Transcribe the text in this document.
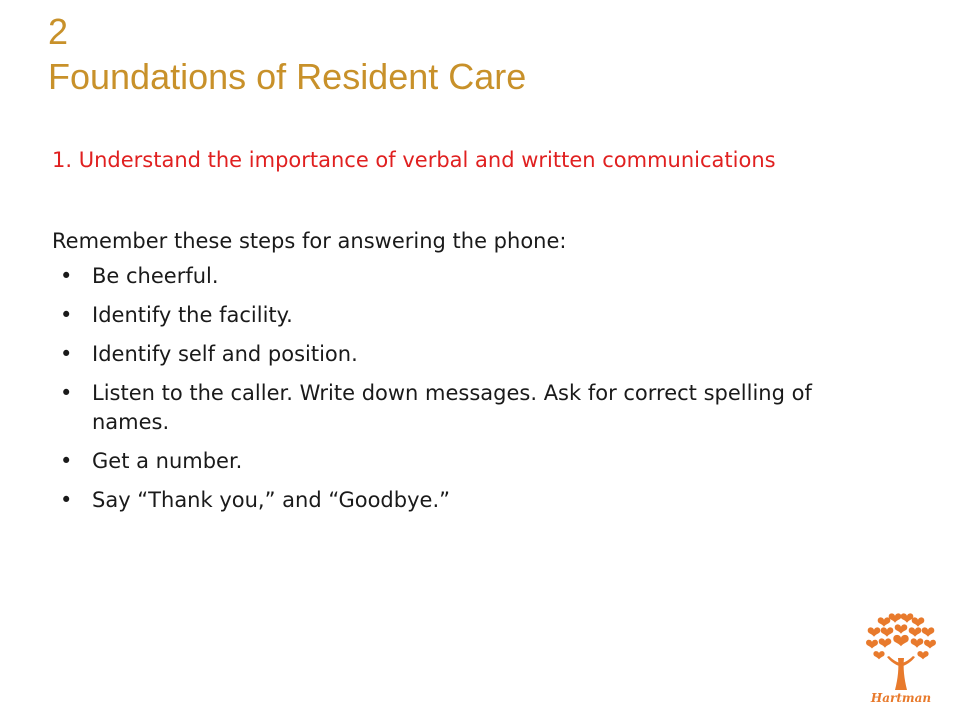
2
Foundations of Resident Care
1. Understand the importance of verbal and written communications
Remember these steps for answering the phone:
• Be cheerful.
• Identify the facility.
• Identify self and position.
• Listen to the caller. Write down messages. Ask for correct spelling of names.
• Get a number.
• Say “Thank you,” and “Goodbye.”
Hartman
